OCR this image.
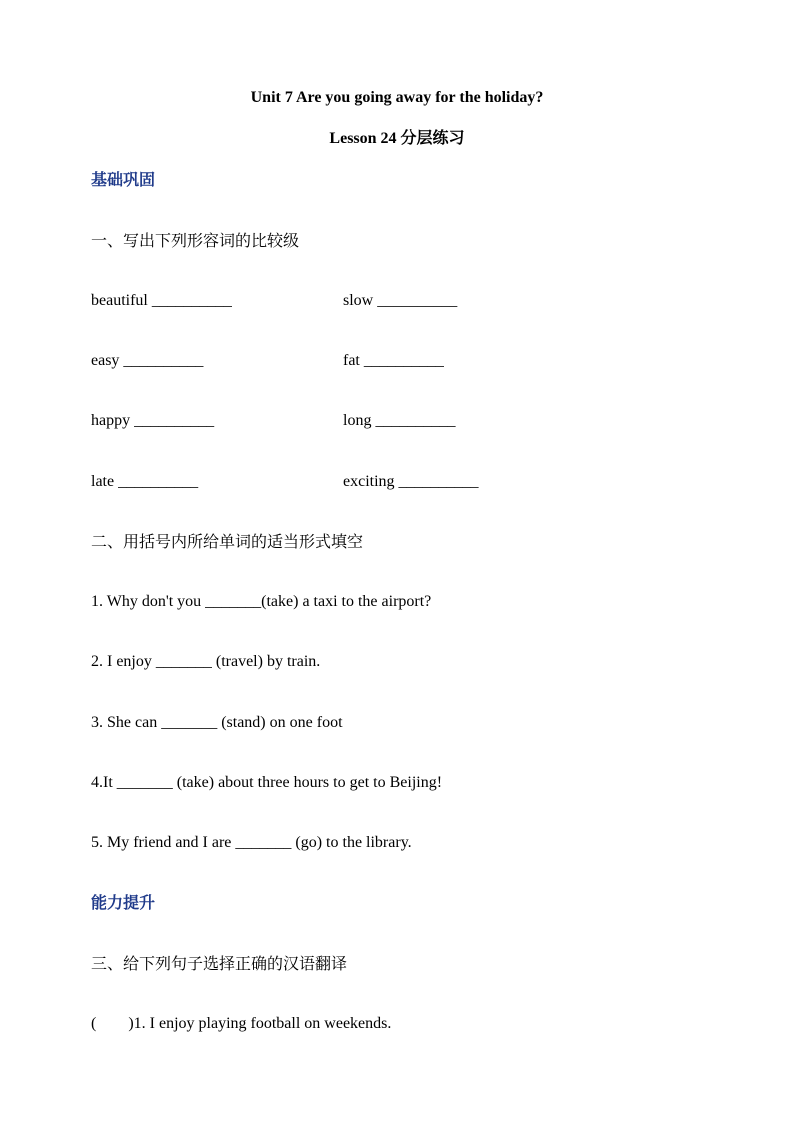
Unit 7 Are you going away for the holiday?
Lesson 24 分层练习
基础巩固
一、写出下列形容词的比较级
beautiful __________	slow __________
easy __________	fat __________
happy __________	long __________
late __________	exciting __________
二、用括号内所给单词的适当形式填空
1. Why don't you _______(take) a taxi to the airport?
2. I enjoy _______ (travel) by train.
3. She can _______ (stand) on one foot
4.It _______ (take) about three hours to get to Beijing!
5. My friend and I are _______ (go) to the library.
能力提升
三、给下列句子选择正确的汉语翻译
(        )1. I enjoy playing football on weekends.
